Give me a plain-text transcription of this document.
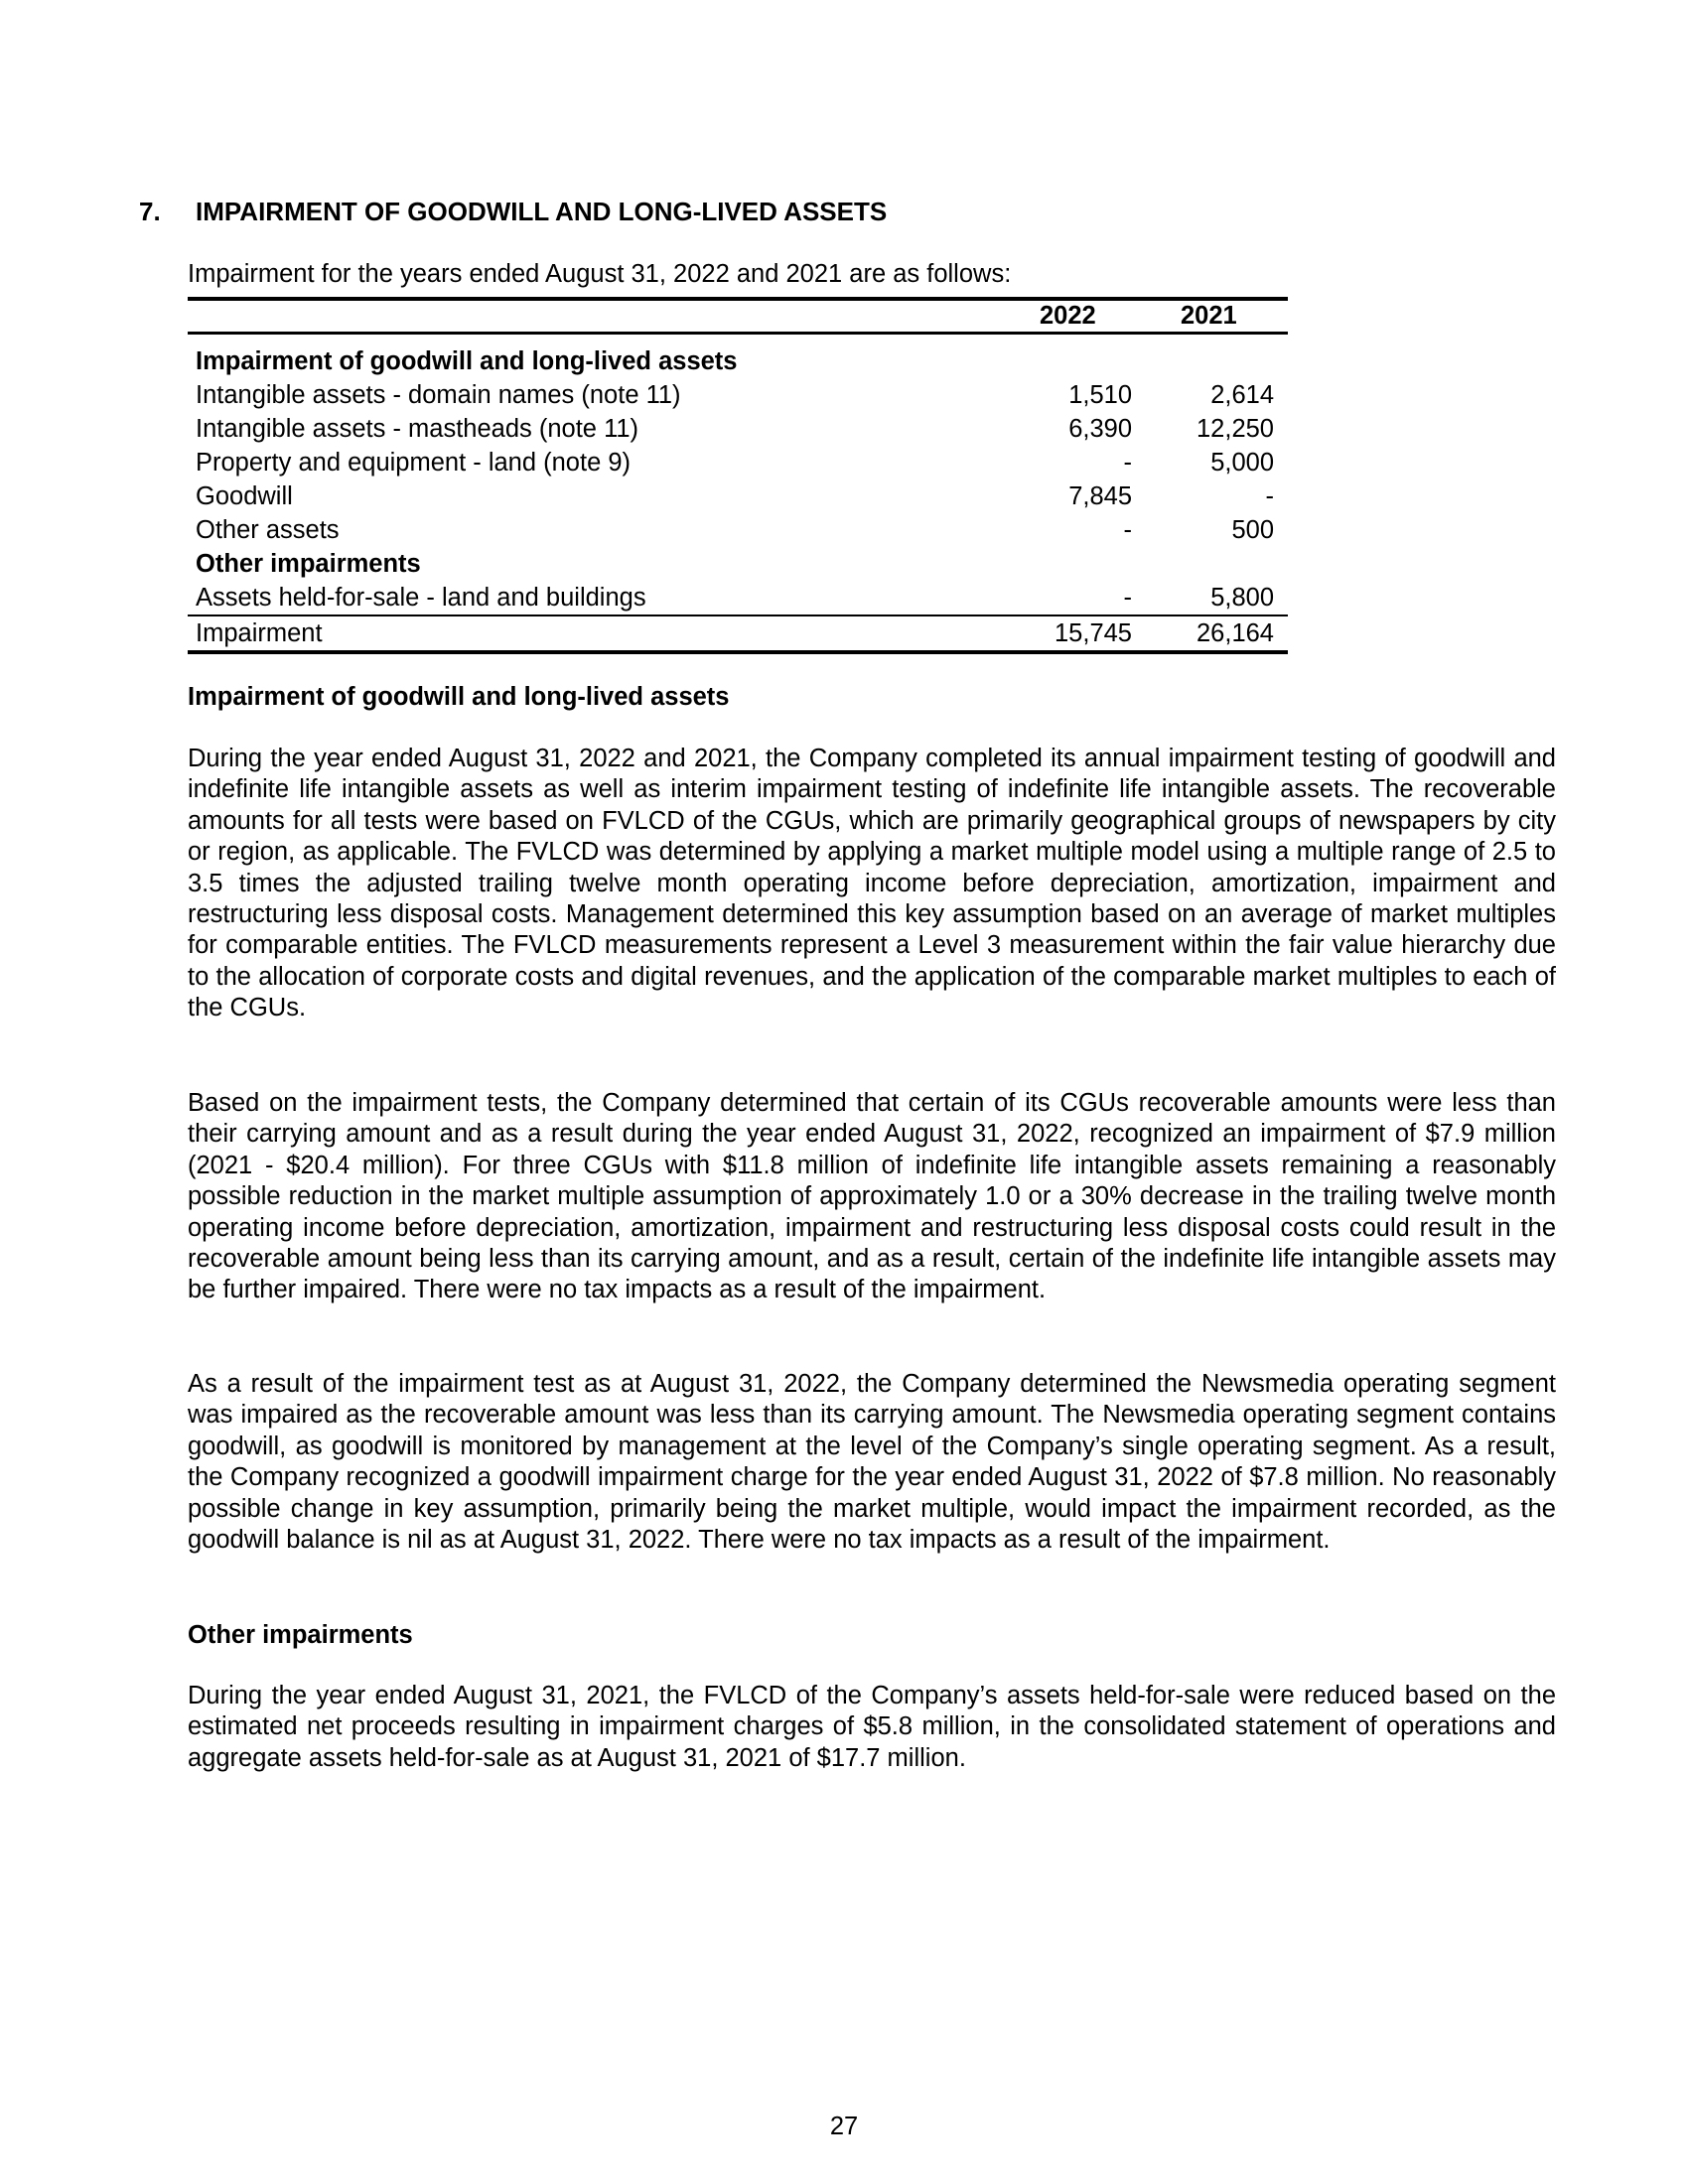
7. IMPAIRMENT OF GOODWILL AND LONG-LIVED ASSETS
Impairment for the years ended August 31, 2022 and 2021 are as follows:
	2022	2021

Impairment of goodwill and long-lived assets		
Intangible assets - domain names (note 11)	1,510	2,614
Intangible assets - mastheads (note 11)	6,390	12,250
Property and equipment - land (note 9)	-	5,000
Goodwill	7,845	-
Other assets	-	500
Other impairments		
Assets held-for-sale - land and buildings	-	5,800
Impairment	15,745	26,164
Impairment of goodwill and long-lived assets

During the year ended August 31, 2022 and 2021, the Company completed its annual impairment testing of goodwill and indefinite life intangible assets as well as interim impairment testing of indefinite life intangible assets. The recoverable amounts for all tests were based on FVLCD of the CGUs, which are primarily geographical groups of newspapers by city or region, as applicable. The FVLCD was determined by applying a market multiple model using a multiple range of 2.5 to 3.5 times the adjusted trailing twelve month operating income before depreciation, amortization, impairment and restructuring less disposal costs. Management determined this key assumption based on an average of market multiples for comparable entities. The FVLCD measurements represent a Level 3 measurement within the fair value hierarchy due to the allocation of corporate costs and digital revenues, and the application of the comparable market multiples to each of the CGUs.

Based on the impairment tests, the Company determined that certain of its CGUs recoverable amounts were less than their carrying amount and as a result during the year ended August 31, 2022, recognized an impairment of $7.9 million (2021 - $20.4 million). For three CGUs with $11.8 million of indefinite life intangible assets remaining a reasonably possible reduction in the market multiple assumption of approximately 1.0 or a 30% decrease in the trailing twelve month operating income before depreciation, amortization, impairment and restructuring less disposal costs could result in the recoverable amount being less than its carrying amount, and as a result, certain of the indefinite life intangible assets may be further impaired. There were no tax impacts as a result of the impairment.

As a result of the impairment test as at August 31, 2022, the Company determined the Newsmedia operating segment was impaired as the recoverable amount was less than its carrying amount. The Newsmedia operating segment contains goodwill, as goodwill is monitored by management at the level of the Company’s single operating segment. As a result, the Company recognized a goodwill impairment charge for the year ended August 31, 2022 of $7.8 million. No reasonably possible change in key assumption, primarily being the market multiple, would impact the impairment recorded, as the goodwill balance is nil as at August 31, 2022. There were no tax impacts as a result of the impairment.

Other impairments

During the year ended August 31, 2021, the FVLCD of the Company’s assets held-for-sale were reduced based on the estimated net proceeds resulting in impairment charges of $5.8 million, in the consolidated statement of operations and aggregate assets held-for-sale as at August 31, 2021 of $17.7 million.

27
